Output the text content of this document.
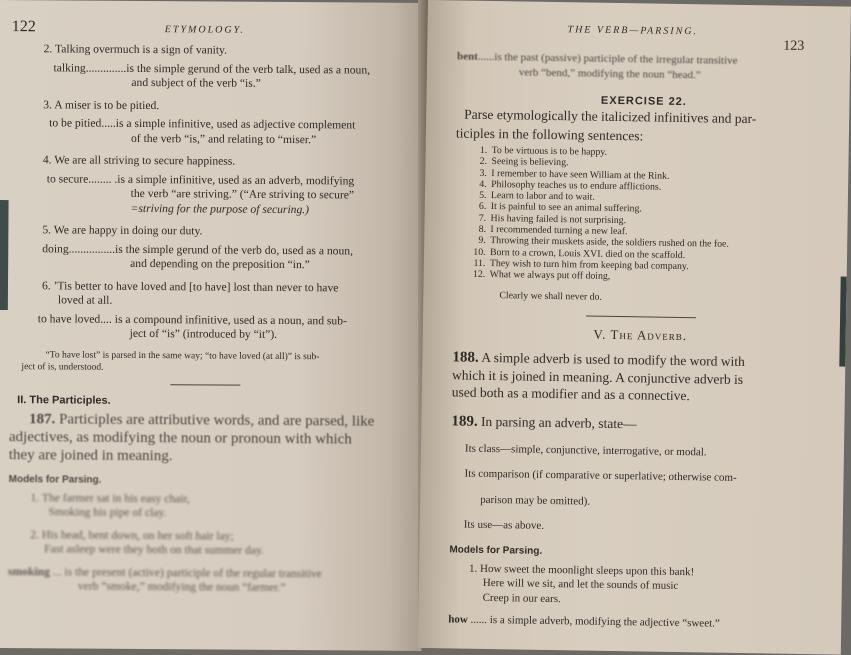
122	ETYMOLOGY.

2. Talking overmuch is a sign of vanity.

talking..............is the simple gerund of the verb talk, used as a noun,

and subject of the verb “is.”

3. A miser is to be pitied.

to be pitied.....is a simple infinitive, used as adjective complement

of the verb “is,” and relating to “miser.”

4. We are all striving to secure happiness.

to secure........ .is a simple infinitive, used as an adverb, modifying

the verb “are striving.” (“Are striving to secure”

=striving for the purpose of securing.)

5. We are happy in doing our duty.

doing................is the simple gerund of the verb do, used as a noun,

and depending on the preposition “in.”

6. ’Tis better to have loved and [to have] lost than never to have

loved at all.

to have loved.... is a compound infinitive, used as a noun, and sub-

ject of “is” (introduced by “it”).

“To have lost” is parsed in the same way; “to have loved (at all)” is sub-

ject of is, understood.

II. The Participles.

187. Participles are attributive words, and are parsed, like

adjectives, as modifying the noun or pronoun with which

they are joined in meaning.

Models for Parsing.

1. The farmer sat in his easy chair,

Smoking his pipe of clay.

2. His head, bent down, on her soft hair lay;

Fast asleep were they both on that summer day.

smoking ... is the present (active) participle of the regular transitive

verb “smoke,” modifying the noun “farmer.”

THE VERB—PARSING.
123

bent......is the past (passive) participle of the irregular transitive

verb “bend,” modifying the noun “head.”

EXERCISE 22.

Parse etymologically the italicized infinitives and par-

ticiples in the following sentences:

1. To be virtuous is to be happy.
2. Seeing is believing.
3. I remember to have seen William at the Rink.
4. Philosophy teaches us to endure afflictions.
5. Learn to labor and to wait.
6. It is painful to see an animal suffering.
7. His having failed is not surprising.
8. I recommended turning a new leaf.
9. Throwing their muskets aside, the soldiers rushed on the foe.
10. Born to a crown, Louis XVI. died on the scaffold.
11. They wish to turn him from keeping bad company.
12. What we always put off doing,

Clearly we shall never do.

V. The Adverb.

188. A simple adverb is used to modify the word with

which it is joined in meaning. A conjunctive adverb is

used both as a modifier and as a connective.

189. In parsing an adverb, state—

Its class—simple, conjunctive, interrogative, or modal.

Its comparison (if comparative or superlative; otherwise com-

parison may be omitted).

Its use—as above.

Models for Parsing.

1. How sweet the moonlight sleeps upon this bank!

Here will we sit, and let the sounds of music

Creep in our ears.

how ...... is a simple adverb, modifying the adjective “sweet.”
